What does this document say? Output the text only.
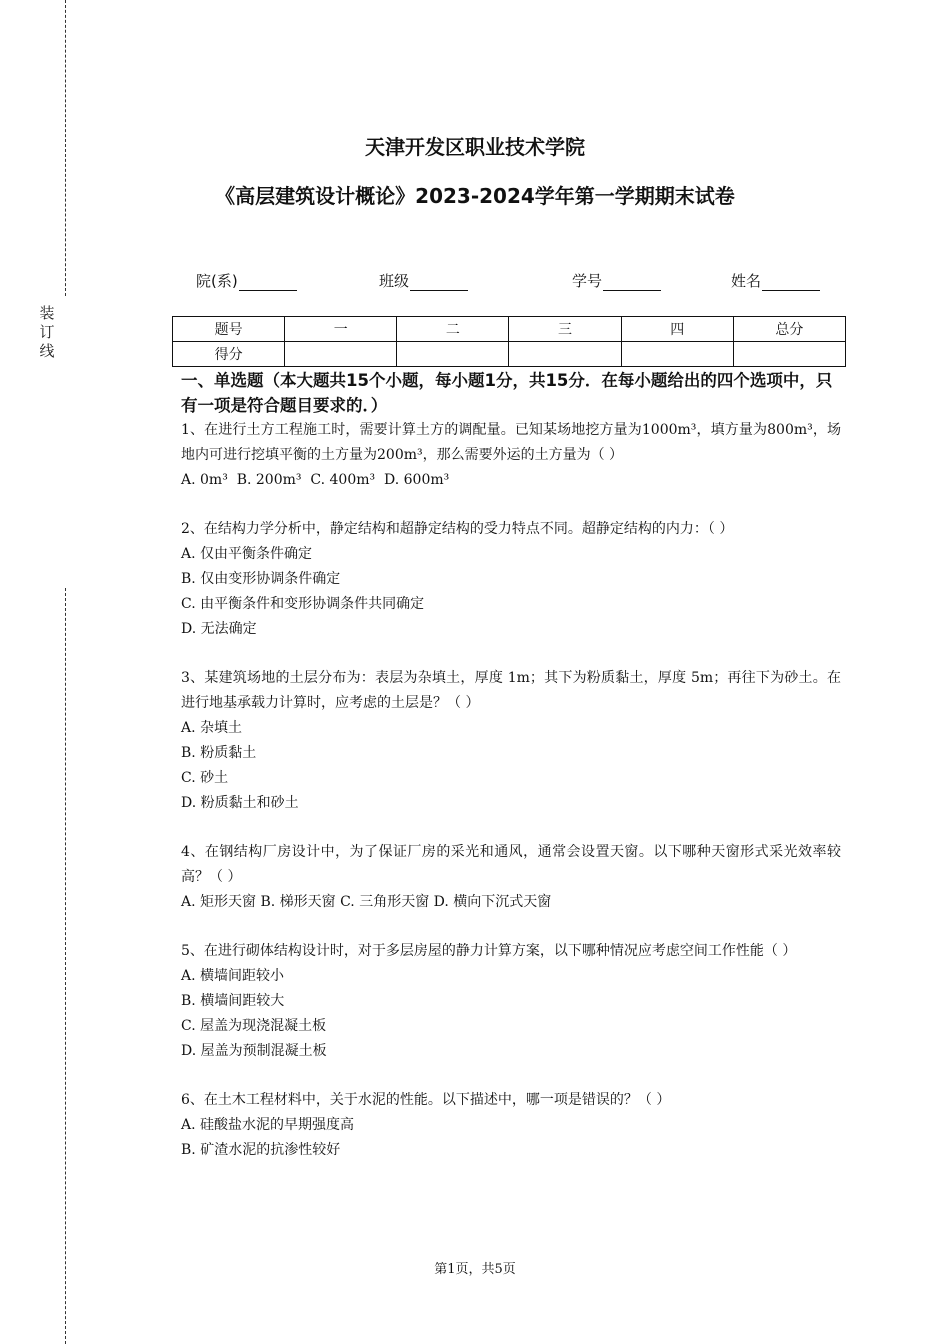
装
订
线
天津开发区职业技术学院
《高层建筑设计概论》2023-2024学年第一学期期末试卷
院(系)	班级	学号	姓名
题号	一	二	三	四	总分
得分					
一、单选题（本大题共15个小题，每小题1分，共15分．在每小题给出的四个选项中，只有一项是符合题目要求的．）

1、在进行土方工程施工时，需要计算土方的调配量。已知某场地挖方量为1000m³，填方量为800m³，场地内可进行挖填平衡的土方量为200m³，那么需要外运的土方量为（ ）

A. 0m³  B. 200m³  C. 400m³  D. 600m³

2、在结构力学分析中，静定结构和超静定结构的受力特点不同。超静定结构的内力：（ ）

A. 仅由平衡条件确定

B. 仅由变形协调条件确定

C. 由平衡条件和变形协调条件共同确定

D. 无法确定

3、某建筑场地的土层分布为：表层为杂填土，厚度 1m；其下为粉质黏土，厚度 5m；再往下为砂土。在进行地基承载力计算时，应考虑的土层是？（ ）

A. 杂填土

B. 粉质黏土

C. 砂土

D. 粉质黏土和砂土

4、在钢结构厂房设计中，为了保证厂房的采光和通风，通常会设置天窗。以下哪种天窗形式采光效率较高？（ ）

A. 矩形天窗 B. 梯形天窗 C. 三角形天窗 D. 横向下沉式天窗

5、在进行砌体结构设计时，对于多层房屋的静力计算方案，以下哪种情况应考虑空间工作性能（ ）

A. 横墙间距较小

B. 横墙间距较大

C. 屋盖为现浇混凝土板

D. 屋盖为预制混凝土板

6、在土木工程材料中，关于水泥的性能。以下描述中，哪一项是错误的？（ ）

A. 硅酸盐水泥的早期强度高

B. 矿渣水泥的抗渗性较好

第1页，共5页
